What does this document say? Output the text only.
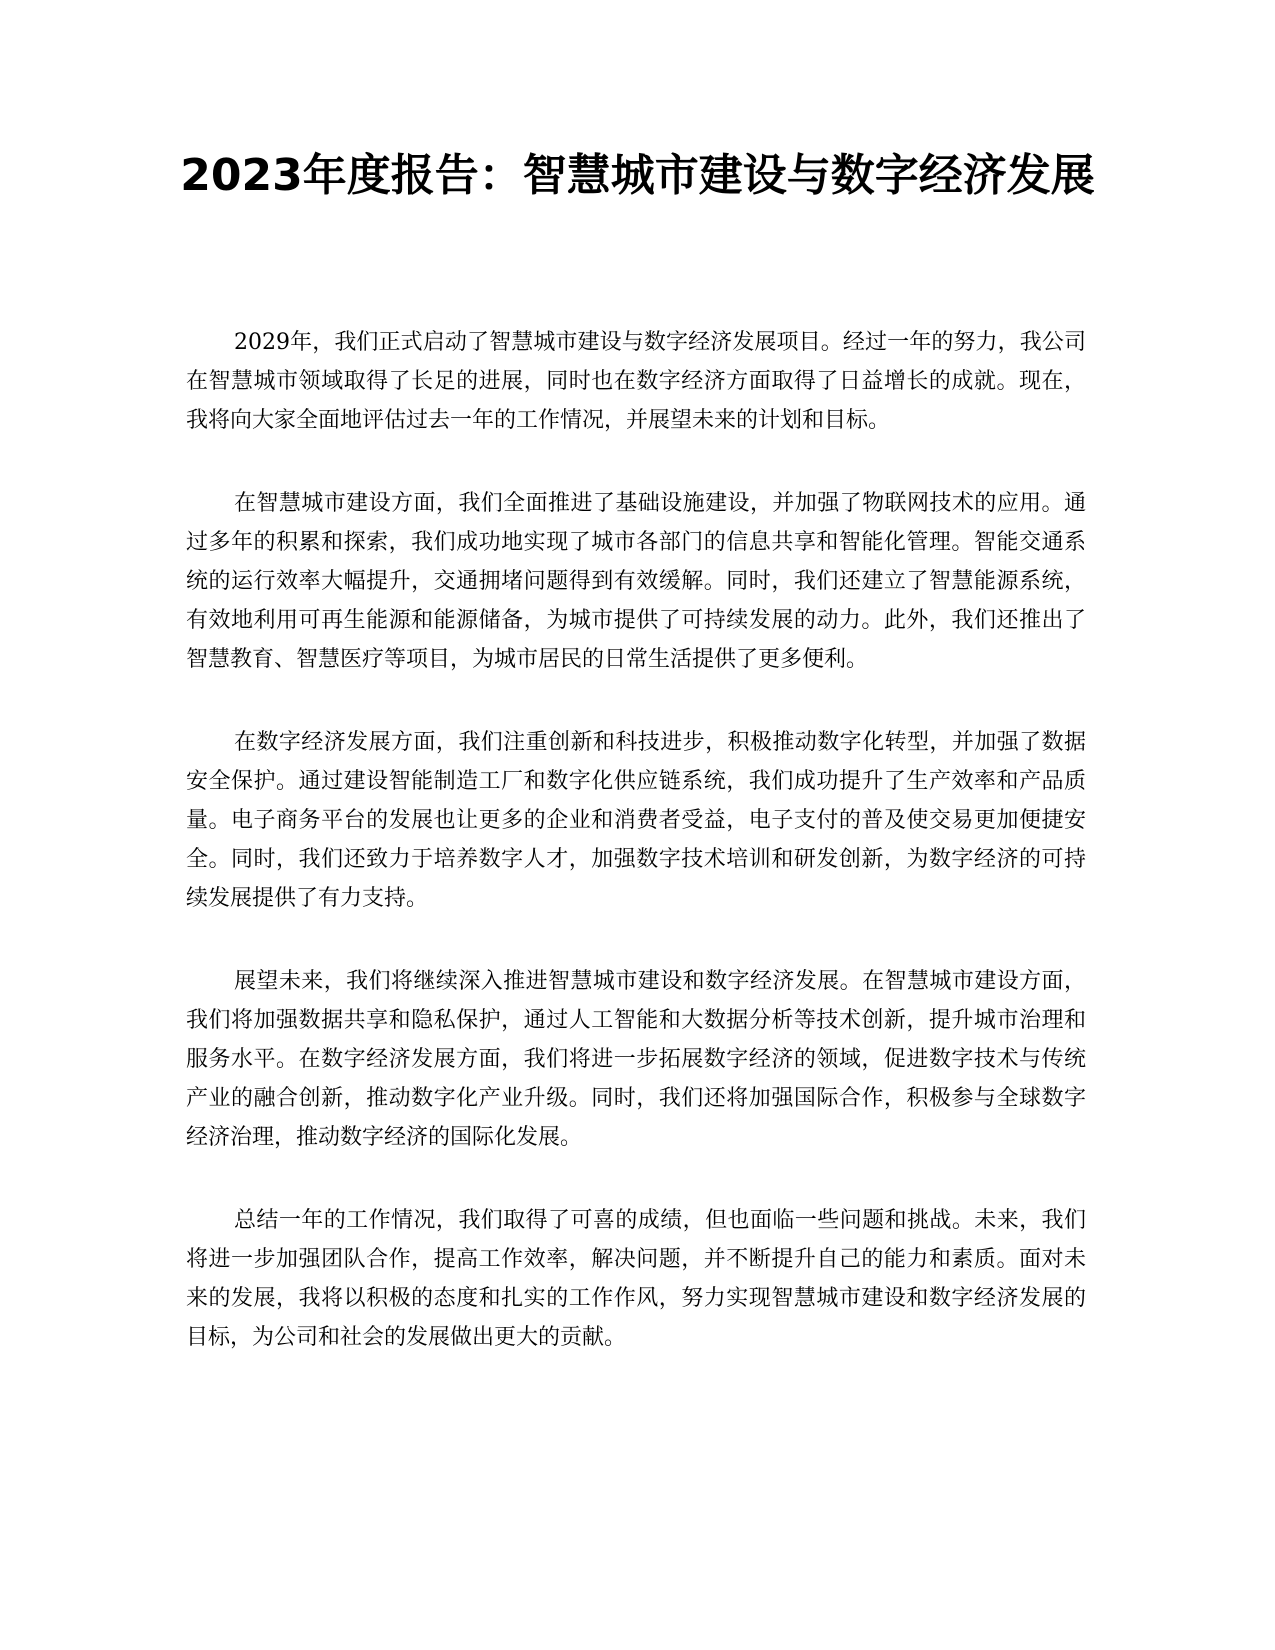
2023年度报告：智慧城市建设与数字经济发展

2029年，我们正式启动了智慧城市建设与数字经济发展项目。经过一年的努力，我公司在智慧城市领域取得了长足的进展，同时也在数字经济方面取得了日益增长的成就。现在，我将向大家全面地评估过去一年的工作情况，并展望未来的计划和目标。

在智慧城市建设方面，我们全面推进了基础设施建设，并加强了物联网技术的应用。通过多年的积累和探索，我们成功地实现了城市各部门的信息共享和智能化管理。智能交通系统的运行效率大幅提升，交通拥堵问题得到有效缓解。同时，我们还建立了智慧能源系统，有效地利用可再生能源和能源储备，为城市提供了可持续发展的动力。此外，我们还推出了智慧教育、智慧医疗等项目，为城市居民的日常生活提供了更多便利。

在数字经济发展方面，我们注重创新和科技进步，积极推动数字化转型，并加强了数据安全保护。通过建设智能制造工厂和数字化供应链系统，我们成功提升了生产效率和产品质量。电子商务平台的发展也让更多的企业和消费者受益，电子支付的普及使交易更加便捷安全。同时，我们还致力于培养数字人才，加强数字技术培训和研发创新，为数字经济的可持续发展提供了有力支持。

展望未来，我们将继续深入推进智慧城市建设和数字经济发展。在智慧城市建设方面，我们将加强数据共享和隐私保护，通过人工智能和大数据分析等技术创新，提升城市治理和服务水平。在数字经济发展方面，我们将进一步拓展数字经济的领域，促进数字技术与传统产业的融合创新，推动数字化产业升级。同时，我们还将加强国际合作，积极参与全球数字经济治理，推动数字经济的国际化发展。

总结一年的工作情况，我们取得了可喜的成绩，但也面临一些问题和挑战。未来，我们将进一步加强团队合作，提高工作效率，解决问题，并不断提升自己的能力和素质。面对未来的发展，我将以积极的态度和扎实的工作作风，努力实现智慧城市建设和数字经济发展的目标，为公司和社会的发展做出更大的贡献。
